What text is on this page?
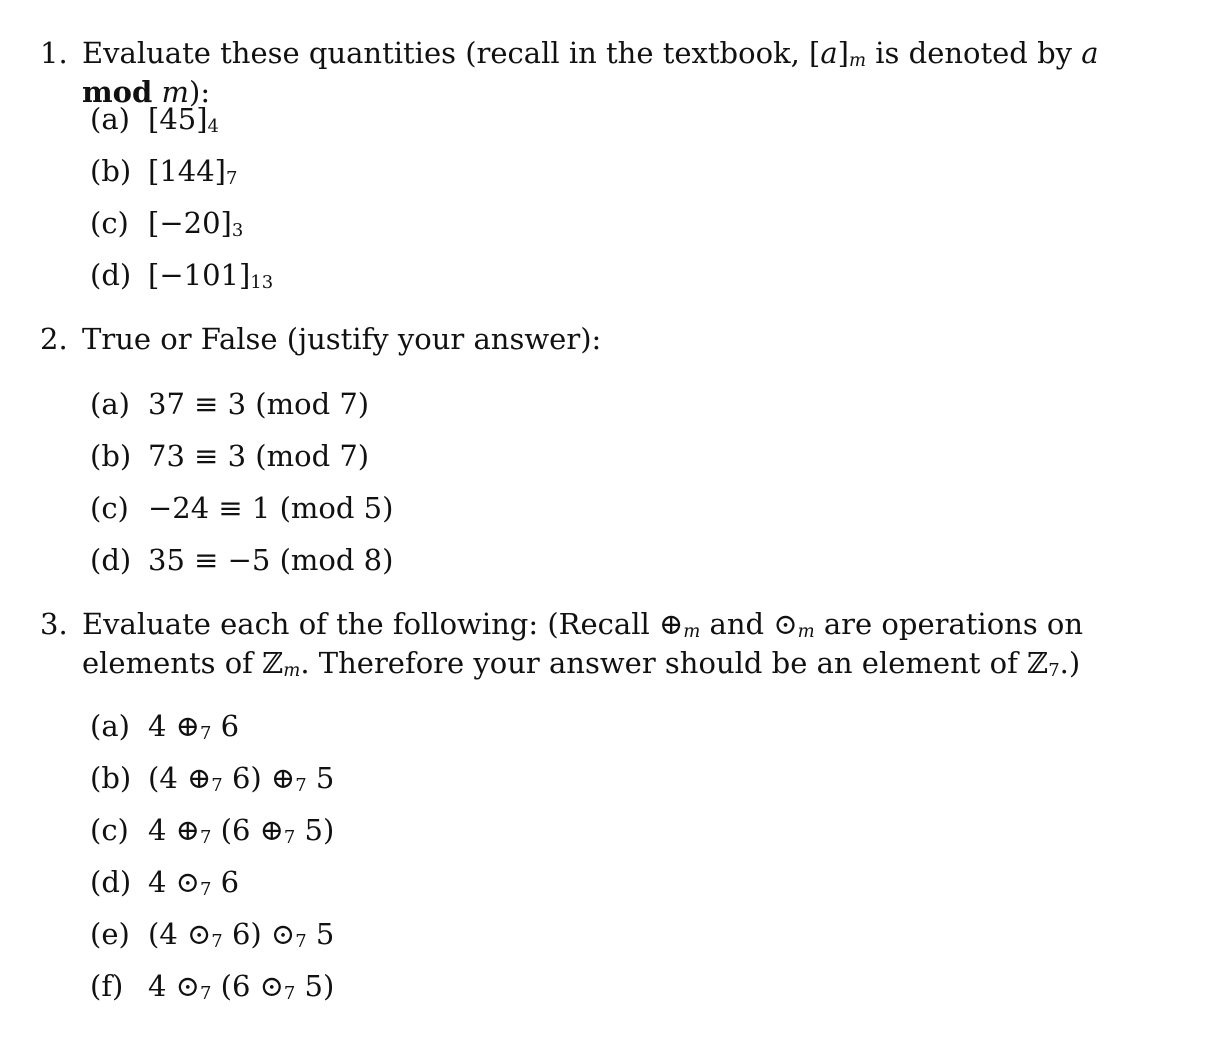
1. Evaluate these quantities (recall in the textbook, $[a]_m$ is denoted by a mod m):
(a) $[45]_4$
(b) $[144]_7$
(c) $[-20]_3$
(d) $[-101]_{13}$
2. True or False (justify your answer):
(a) 37 ≡ 3 (mod 7)
(b) 73 ≡ 3 (mod 7)
(c) −24 ≡ 1 (mod 5)
(d) 35 ≡ −5 (mod 8)
3. Evaluate each of the following: (Recall $\oplus_m$ and $⊙_m$ are operations on elements of ℤ$_m$. Therefore your answer should be an element of ℤ$_7$.)
(a) 4 $\oplus_7$ 6
(b) (4 $\oplus_7$ 6) $\oplus_7$ 5
(c) 4 $\oplus_7$ (6 $\oplus_7$ 5)
(d) 4 $⊙_7$ 6
(e) (4 $⊙_7$ 6) $⊙_7$ 5
(f) 4 $⊙_7$ (6 $⊙_7$ 5)
